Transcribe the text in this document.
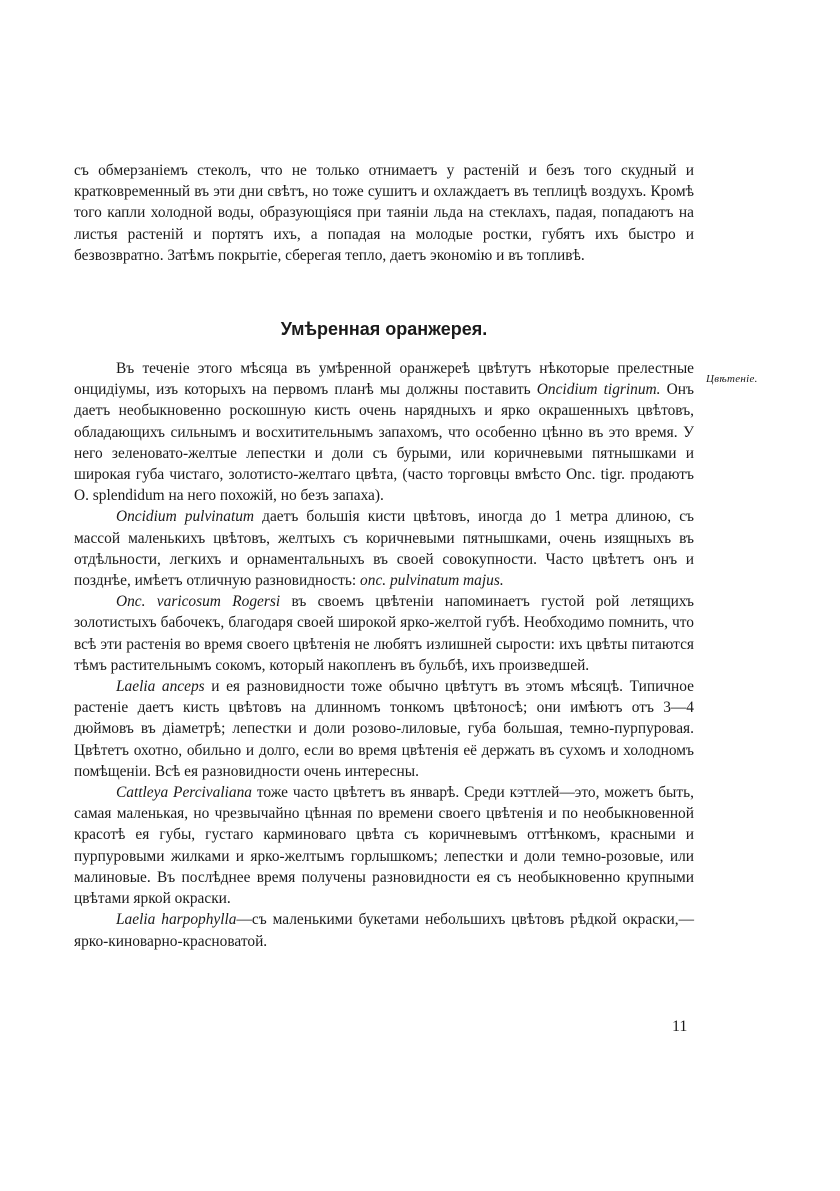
съ обмерзанiемъ стеколъ, что не только отнимаетъ у растенiй и безъ того скудный и кратковременный въ эти дни свѣтъ, но тоже сушитъ и охлаждаетъ въ теплицѣ воздухъ. Кромѣ того капли холодной воды, образующiяся при таянiи льда на стеклахъ, падая, попадаютъ на листья растенiй и портятъ ихъ, а попадая на молодые ростки, губятъ ихъ быстро и безвозвратно. Затѣмъ покрытiе, сберегая тепло, даетъ экономiю и въ топливѣ.

Умѣренная оранжерея.

Въ теченiе этого мѣсяца въ умѣренной оранжереѣ цвѣтутъ нѣкоторые прелестные онцидiумы, изъ которыхъ на первомъ планѣ мы должны поставить Oncidium tigrinum. Онъ даетъ необыкновенно роскошную кисть очень нарядныхъ и ярко окрашенныхъ цвѣтовъ, обладающихъ сильнымъ и восхитительнымъ запахомъ, что особенно цѣнно въ это время. У него зеленовато-желтые лепестки и доли съ бурыми, или коричневыми пятнышками и широкая губа чистаго, золотисто-желтаго цвѣта, (часто торговцы вмѣсто Onc. tigr. продаютъ O. splendidum на него похожiй, но безъ запаха).

Oncidium pulvinatum даетъ большiя кисти цвѣтовъ, иногда до 1 метра длиною, съ массой маленькихъ цвѣтовъ, желтыхъ съ коричневыми пятнышками, очень изящныхъ въ отдѣльности, легкихъ и орнаментальныхъ въ своей совокупности. Часто цвѣтетъ онъ и позднѣе, имѣетъ отличную разновидность: onc. pulvinatum majus.

Onc. varicosum Rogersi въ своемъ цвѣтенiи напоминаетъ густой рой летящихъ золотистыхъ бабочекъ, благодаря своей широкой ярко-желтой губѣ. Необходимо помнить, что всѣ эти растенiя во время своего цвѣтенiя не любятъ излишней сырости: ихъ цвѣты питаются тѣмъ растительнымъ сокомъ, который накопленъ въ бульбѣ, ихъ произведшей.

Laelia anceps и ея разновидности тоже обычно цвѣтутъ въ этомъ мѣсяцѣ. Типичное растенiе даетъ кисть цвѣтовъ на длинномъ тонкомъ цвѣтоносѣ; они имѣютъ отъ 3—4 дюймовъ въ дiаметрѣ; лепестки и доли розово-лиловые, губа большая, темно-пурпуровая. Цвѣтетъ охотно, обильно и долго, если во время цвѣтенiя её держать въ сухомъ и холодномъ помѣщенiи. Всѣ ея разновидности очень интересны.

Cattleya Percivaliana тоже часто цвѣтетъ въ январѣ. Среди кэттлей—это, можетъ быть, самая маленькая, но чрезвычайно цѣнная по времени своего цвѣтенiя и по необыкновенной красотѣ ея губы, густаго карминоваго цвѣта съ коричневымъ оттѣнкомъ, красными и пурпуровыми жилками и ярко-желтымъ горлышкомъ; лепестки и доли темно-розовые, или малиновые. Въ послѣднее время получены разновидности ея съ необыкновенно крупными цвѣтами яркой окраски.

Laelia harpophylla—съ маленькими букетами небольшихъ цвѣтовъ рѣдкой окраски,—ярко-киноварно-красноватой.

Цвѣтенiе.
11
